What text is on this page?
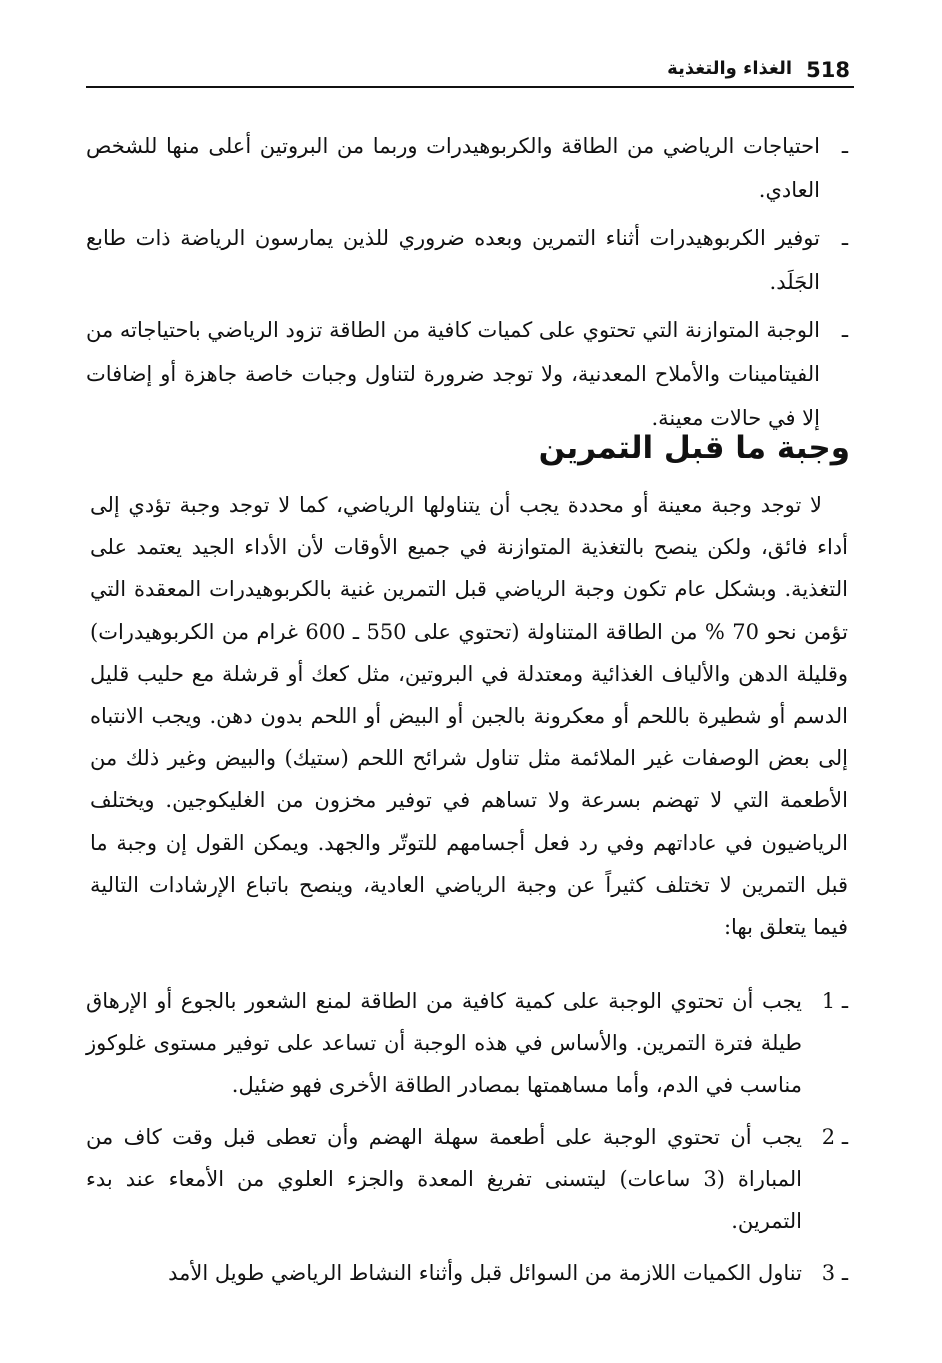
518
الغذاء والتغذية
ـ
احتياجات الرياضي من الطاقة والكربوهيدرات وربما من البروتين أعلى منها للشخص العادي.
ـ
توفير الكربوهيدرات أثناء التمرين وبعده ضروري للذين يمارسون الرياضة ذات طابع الجَلَد.
ـ
الوجبة المتوازنة التي تحتوي على كميات كافية من الطاقة تزود الرياضي باحتياجاته من الفيتامينات والأملاح المعدنية، ولا توجد ضرورة لتناول وجبات خاصة جاهزة أو إضافات إلا في حالات معينة.
وجبة ما قبل التمرين

لا توجد وجبة معينة أو محددة يجب أن يتناولها الرياضي، كما لا توجد وجبة تؤدي إلى أداء فائق، ولكن ينصح بالتغذية المتوازنة في جميع الأوقات لأن الأداء الجيد يعتمد على التغذية. وبشكل عام تكون وجبة الرياضي قبل التمرين غنية بالكربوهيدرات المعقدة التي تؤمن نحو 70 % من الطاقة المتناولة (تحتوي على 550 ـ 600 غرام من الكربوهيدرات) وقليلة الدهن والألياف الغذائية ومعتدلة في البروتين، مثل كعك أو قرشلة مع حليب قليل الدسم أو شطيرة باللحم أو معكرونة بالجبن أو البيض أو اللحم بدون دهن. ويجب الانتباه إلى بعض الوصفات غير الملائمة مثل تناول شرائح اللحم (ستيك) والبيض وغير ذلك من الأطعمة التي لا تهضم بسرعة ولا تساهم في توفير مخزون من الغليكوجين. ويختلف الرياضيون في عاداتهم وفي رد فعل أجسامهم للتوتّر والجهد. ويمكن القول إن وجبة ما قبل التمرين لا تختلف كثيراً عن وجبة الرياضي العادية، وينصح باتباع الإرشادات التالية فيما يتعلق بها:

1 ـ
يجب أن تحتوي الوجبة على كمية كافية من الطاقة لمنع الشعور بالجوع أو الإرهاق طيلة فترة التمرين. والأساس في هذه الوجبة أن تساعد على توفير مستوى غلوكوز مناسب في الدم، وأما مساهمتها بمصادر الطاقة الأخرى فهو ضئيل.
2 ـ
يجب أن تحتوي الوجبة على أطعمة سهلة الهضم وأن تعطى قبل وقت كاف من المباراة (3 ساعات) ليتسنى تفريغ المعدة والجزء العلوي من الأمعاء عند بدء التمرين.
3 ـ
تناول الكميات اللازمة من السوائل قبل وأثناء النشاط الرياضي طويل الأمد
